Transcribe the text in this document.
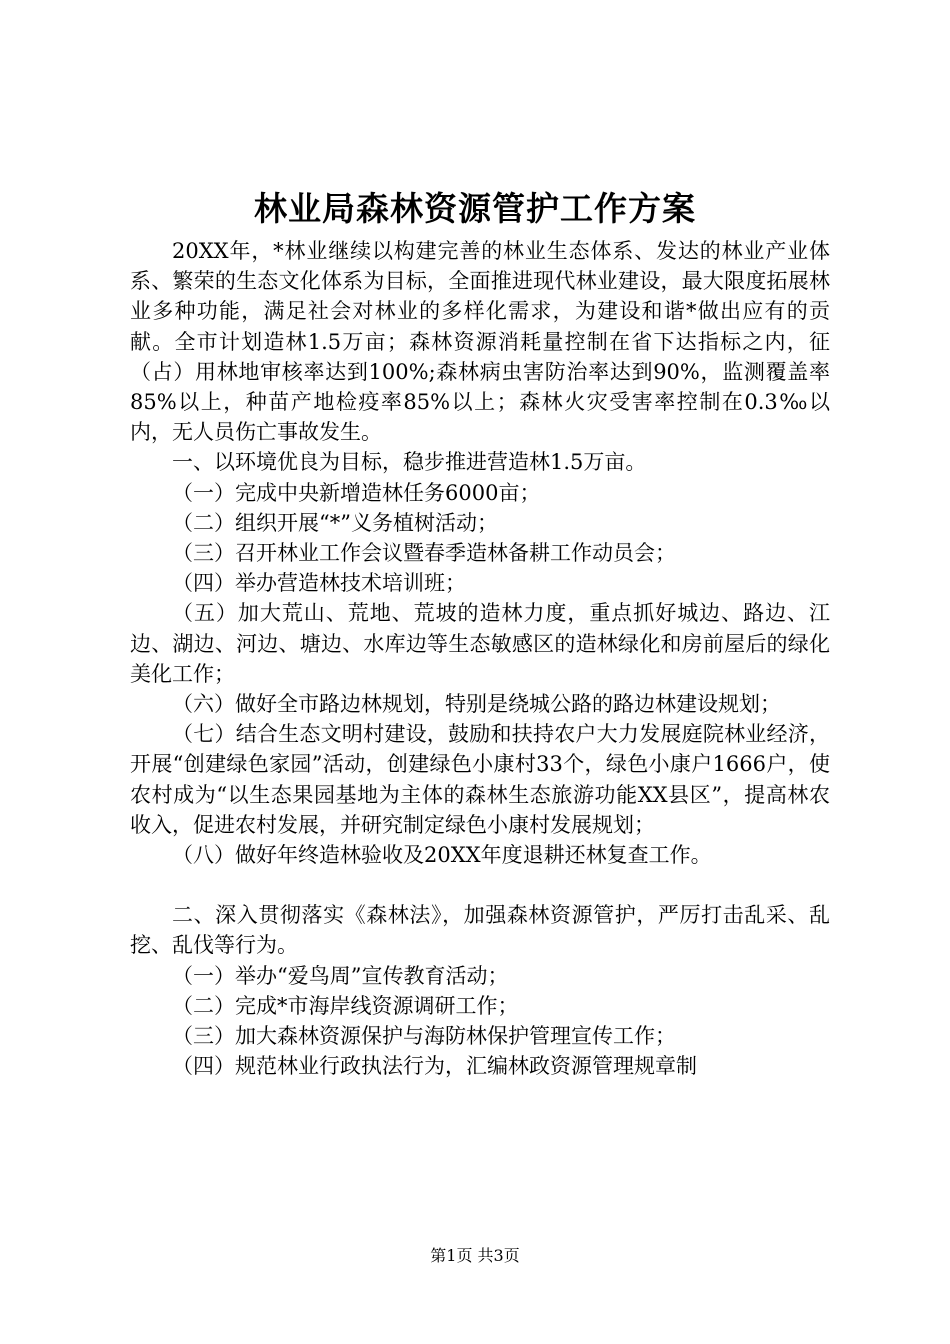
林业局森林资源管护工作方案

20XX年，*林业继续以构建完善的林业生态体系、发达的林业产业体系、繁荣的生态文化体系为目标，全面推进现代林业建设，最大限度拓展林业多种功能，满足社会对林业的多样化需求，为建设和谐*做出应有的贡献。全市计划造林1.5万亩；森林资源消耗量控制在省下达指标之内，征（占）用林地审核率达到100%;森林病虫害防治率达到90%，监测覆盖率85%以上，种苗产地检疫率85%以上；森林火灾受害率控制在0.3‰以内，无人员伤亡事故发生。

一、以环境优良为目标，稳步推进营造林1.5万亩。

（一）完成中央新增造林任务6000亩；

（二）组织开展“*”义务植树活动；

（三）召开林业工作会议暨春季造林备耕工作动员会；

（四）举办营造林技术培训班；

（五）加大荒山、荒地、荒坡的造林力度，重点抓好城边、路边、江边、湖边、河边、塘边、水库边等生态敏感区的造林绿化和房前屋后的绿化美化工作；

（六）做好全市路边林规划，特别是绕城公路的路边林建设规划；

（七）结合生态文明村建设，鼓励和扶持农户大力发展庭院林业经济，开展“创建绿色家园”活动，创建绿色小康村33个，绿色小康户1666户，使农村成为“以生态果园基地为主体的森林生态旅游功能XX县区”，提高林农收入，促进农村发展，并研究制定绿色小康村发展规划；

（八）做好年终造林验收及20XX年度退耕还林复查工作。

二、深入贯彻落实《森林法》，加强森林资源管护，严厉打击乱采、乱挖、乱伐等行为。

（一）举办“爱鸟周”宣传教育活动；

（二）完成*市海岸线资源调研工作；

（三）加大森林资源保护与海防林保护管理宣传工作；

（四）规范林业行政执法行为，汇编林政资源管理规章制

第1页 共3页
